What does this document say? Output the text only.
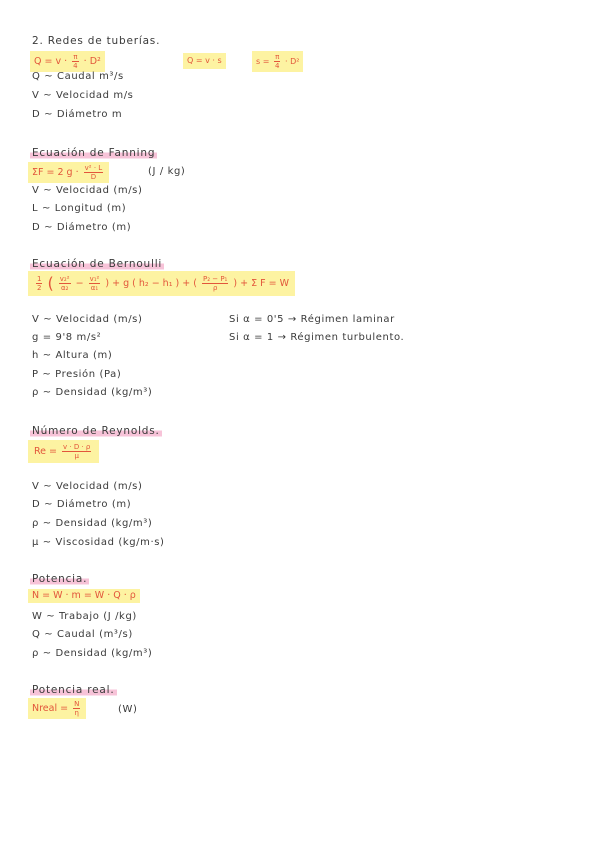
2. Redes de tuberías.
$Q = v \cdot \frac{\pi}{4} \cdot D^2$	Q = v · s	$s = \frac{\pi}{4} \cdot D^2$
Q ~ Caudal m³/s
V ~ Velocidad m/s
D ~ Diámetro m
Ecuación de Fanning
ΣF = 2 $g \cdot \frac{\text{v² · L}}{D}$	(J / kg)
V ~ Velocidad (m/s)
L ~ Longitud (m)
D ~ Diámetro (m)
Ecuación de Bernoulli
$\frac{1}{2}$ ( $\frac{\text{v₂²}}{\text{α₂}} - \frac{\text{v₁²}}{\text{α₁}}$ ) + g ( h₂ − h₁ ) + ( $\frac{\text{P₂ − P₁}}{\rho}$ ) + Σ F = W
V ~ Velocidad (m/s)
g = 9'8 m/s²
h ~ Altura (m)
P ~ Presión (Pa)
ρ ~ Densidad (kg/m³)
Si α = 0'5 → Régimen laminar
Si α = 1 → Régimen turbulento.
Número de Reynolds.
$Re = \frac{v \cdot D \cdot \rho}{\mu}$
V ~ Velocidad (m/s)
D ~ Diámetro (m)
ρ ~ Densidad (kg/m³)
μ ~ Viscosidad (kg/m·s)
Potencia.
N = W · m = W · Q · ρ
W ~ Trabajo (J /kg)
Q ~ Caudal (m³/s)
ρ ~ Densidad (kg/m³)
Potencia real.
Nreal = $\frac{N}{\eta}$	(W)
